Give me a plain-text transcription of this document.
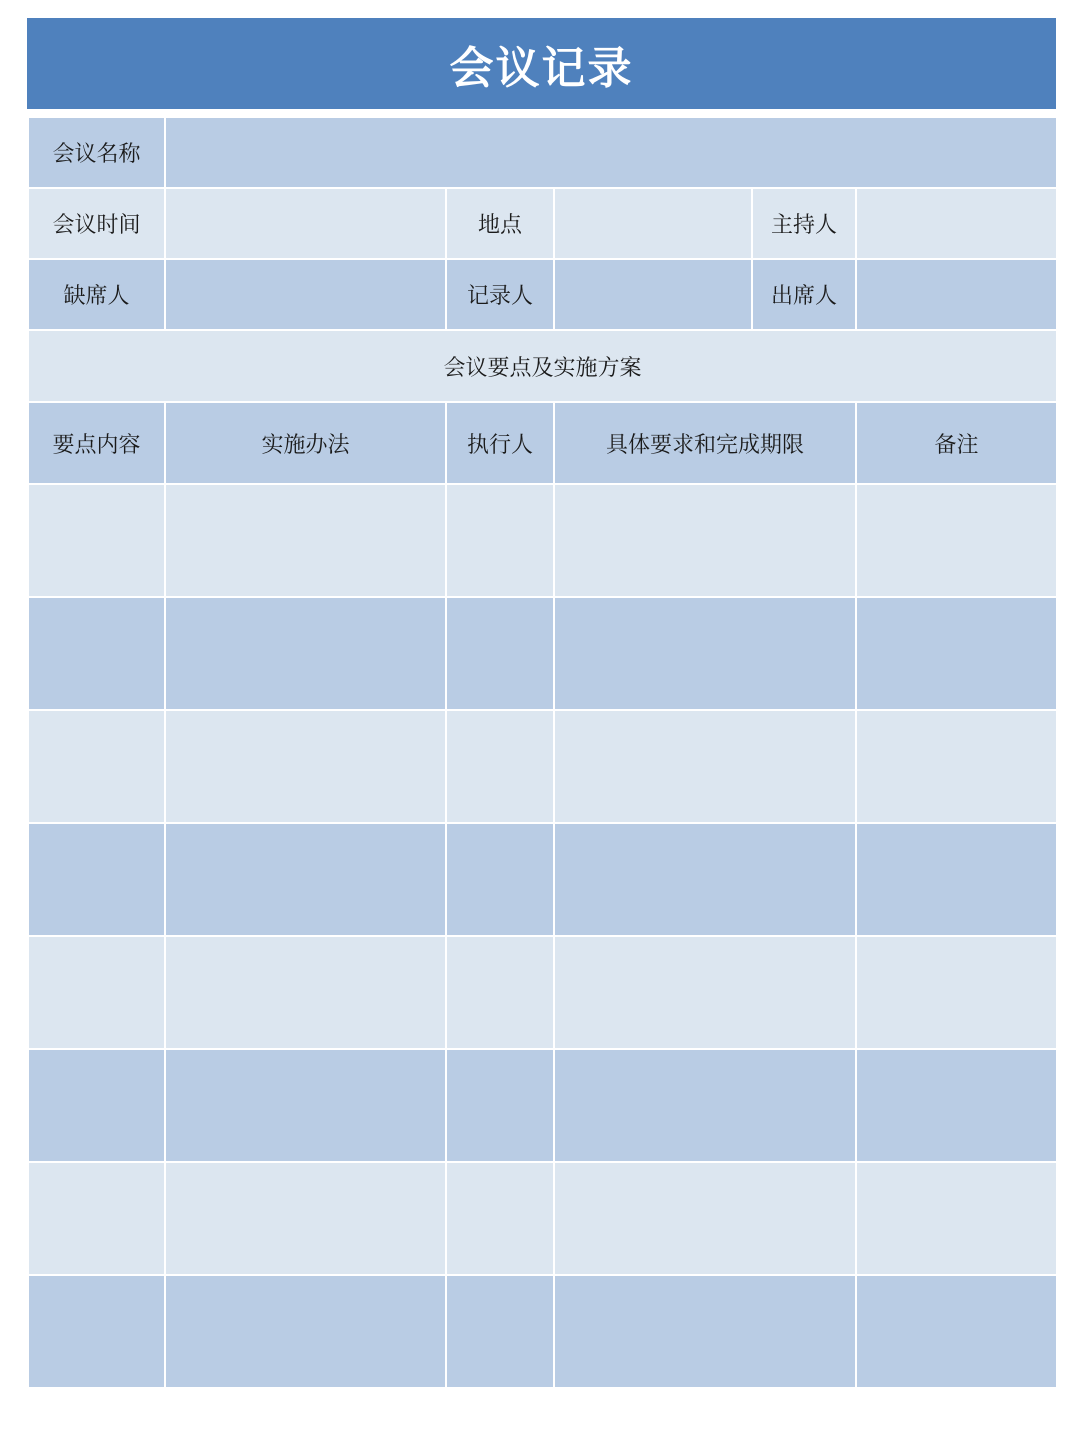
会议记录
会议名称					
会议时间		地点		主持人	
缺席人		记录人		出席人	
会议要点及实施方案					
要点内容	实施办法	执行人	具体要求和完成期限		备注
